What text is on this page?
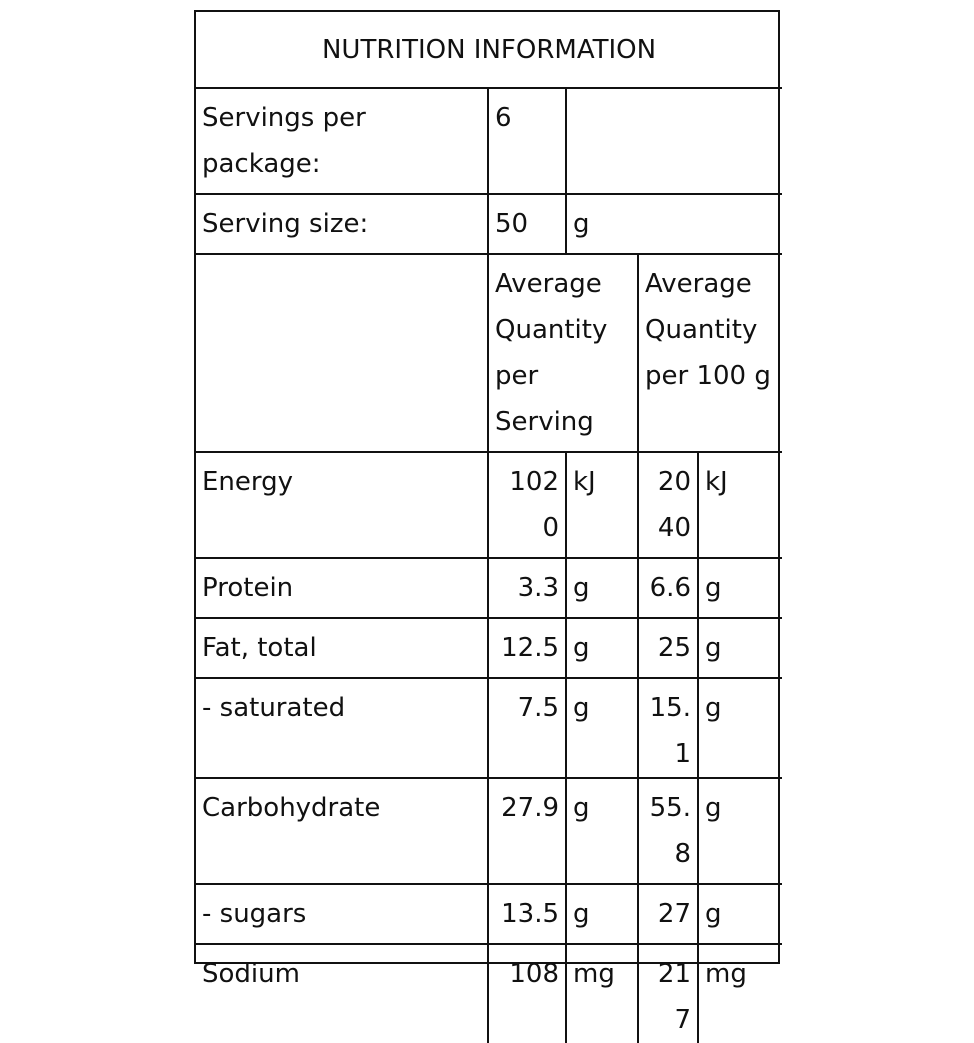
NUTRITION INFORMATION				
Servings per package:	6			
Serving size:	50	g		
	Average Quantity per Serving		Average Quantity per 100 g	
Energy	1020	kJ	2040	kJ
Protein	3.3	g	6.6	g
Fat, total	12.5	g	25	g
- saturated	7.5	g	15.1	g
Carbohydrate	27.9	g	55.8	g
- sugars	13.5	g	27	g
Sodium	108	mg	217	mg
